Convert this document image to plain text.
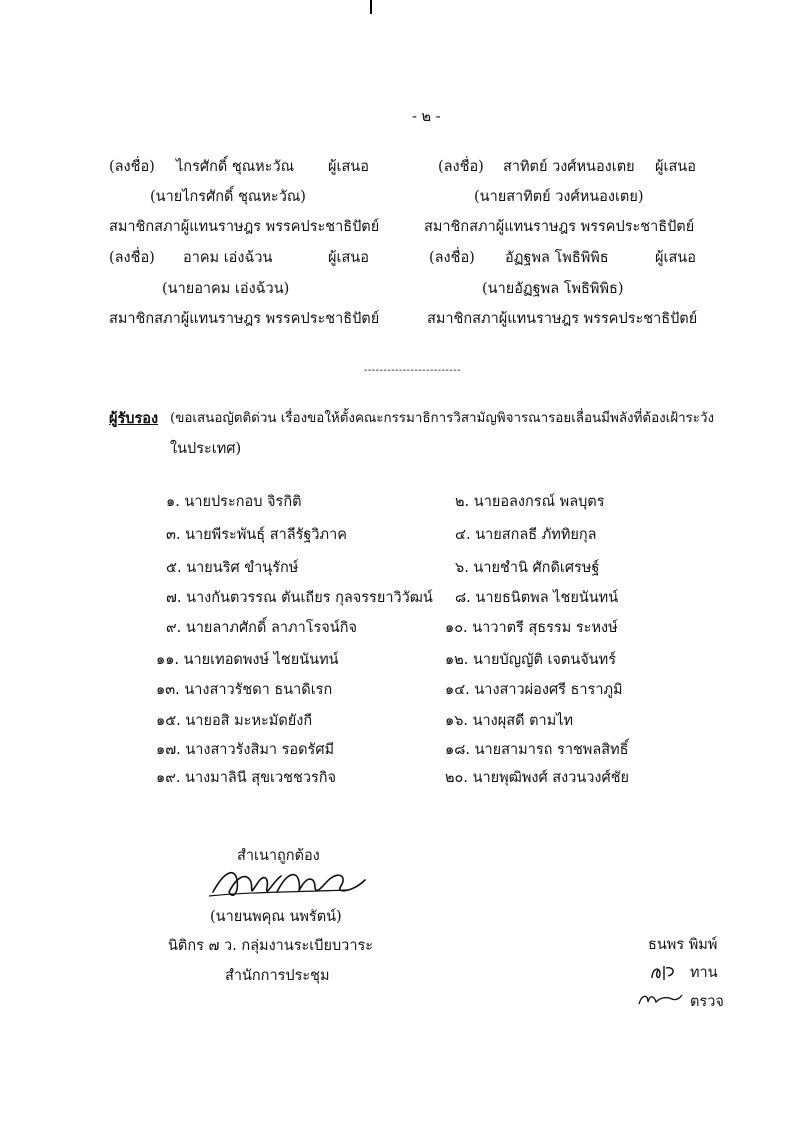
- ๒ -
(ลงชื่อ) ไกรศักดิ์ ชุณหะวัณ ผู้เสนอ
(นายไกรศักดิ์ ชุณหะวัณ)
สมาชิกสภาผู้แทนราษฎร พรรคประชาธิปัตย์
(ลงชื่อ) สาทิตย์ วงศ์หนองเตย ผู้เสนอ
(นายสาทิตย์ วงศ์หนองเตย)
สมาชิกสภาผู้แทนราษฎร พรรคประชาธิปัตย์
(ลงชื่อ) อาคม เอ่งฉ้วน	ผู้เสนอ
(นายอาคม เอ่งฉ้วน)
สมาชิกสภาผู้แทนราษฎร พรรคประชาธิปัตย์
(ลงชื่อ) อัฏฐพล โพธิพิพิธ	ผู้เสนอ
(นายอัฏฐพล โพธิพิพิธ)
สมาชิกสภาผู้แทนราษฎร พรรคประชาธิปัตย์
-------------------------
ผู้รับรอง (ขอเสนอญัตติด่วน เรื่องขอให้ตั้งคณะกรรมาธิการวิสามัญพิจารณารอยเลื่อนมีพลังที่ต้องเฝ้าระวัง
ในประเทศ)
๑. นายประกอบ จิรกิติ
๓. นายพีระพันธุ์ สาลีรัฐวิภาค
๕. นายนริศ ขำนุรักษ์
๗. นางกันตวรรณ ตันเถียร กุลจรรยาวิวัฒน์
๙. นายลาภศักดิ์ ลาภาโรจน์กิจ
๑๑. นายเทอดพงษ์ ไชยนันทน์
๑๓. นางสาวรัชดา ธนาดิเรก
๑๕. นายอสิ มะหะมัดยังกี
๑๗. นางสาวรังสิมา รอดรัศมี
๑๙. นางมาลินี สุขเวชชวรกิจ
๒. นายอลงกรณ์ พลบุตร
๔. นายสกลธี ภัททิยกุล
๖. นายชำนิ ศักดิเศรษฐ์
๘. นายธนิตพล ไชยนันทน์
๑๐. นาวาตรี สุธรรม ระหงษ์
๑๒. นายบัญญัติ เจตนจันทร์
๑๔. นางสาวผ่องศรี ธาราภูมิ
๑๖. นางผุสดี ตามไท
๑๘. นายสามารถ ราชพลสิทธิ์
๒๐. นายพุฒิพงศ์ สงวนวงศ์ชัย
สำเนาถูกต้อง
(นายนพคุณ นพรัตน์)
นิติกร ๗ ว. กลุ่มงานระเบียบวาระ
สำนักการประชุม
ธนพร พิมพ์
ทาน
ตรวจ
